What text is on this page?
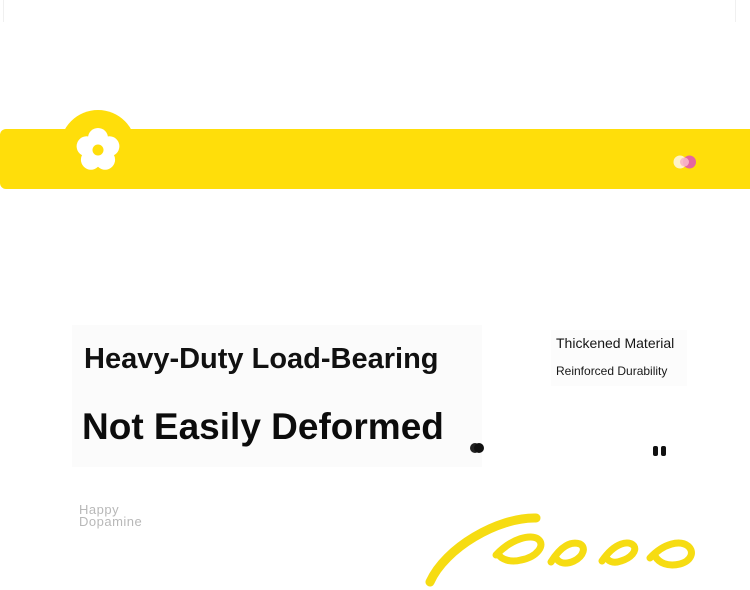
Heavy-Duty Load-Bearing
Not Easily Deformed
Thickened Material
Reinforced Durability
Happy
Dopamine
